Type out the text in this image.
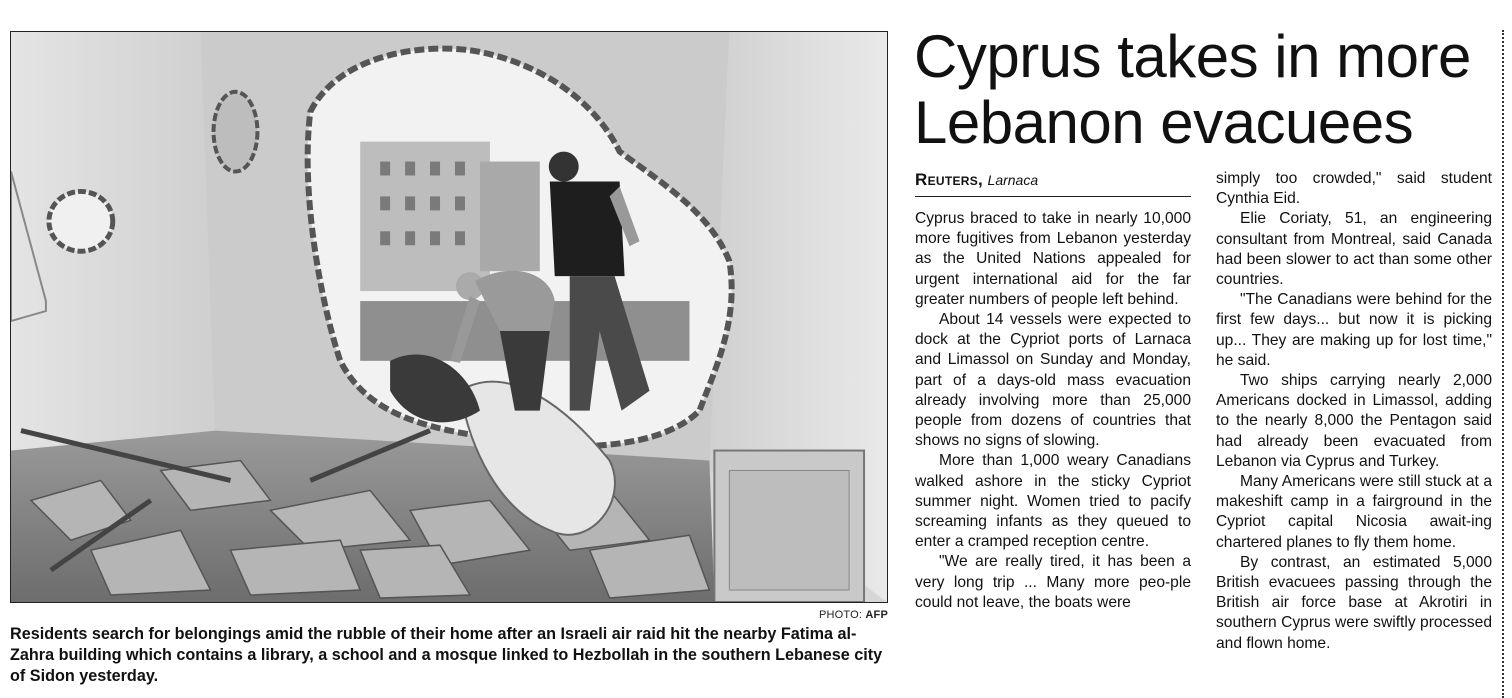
PHOTO: AFP
Residents search for belongings amid the rubble of their home after an Israeli air raid hit the nearby Fatima al-Zahra building which contains a library, a school and a mosque linked to Hezbollah in the southern Lebanese city of Sidon yesterday.
Cyprus takes in more Lebanon evacuees
Reuters, Larnaca

Cyprus braced to take in nearly 10,000 more fugitives from Lebanon yesterday as the United Nations appealed for urgent international aid for the far greater numbers of people left behind.

About 14 vessels were expected to dock at the Cypriot ports of Larnaca and Limassol on Sunday and Monday, part of a days-old mass evacuation already involving more than 25,000 people from dozens of countries that shows no signs of slowing.

More than 1,000 weary Canadians walked ashore in the sticky Cypriot summer night. Women tried to pacify screaming infants as they queued to enter a cramped reception centre.

"We are really tired, it has been a very long trip ... Many more peo-ple could not leave, the boats were

simply too crowded," said student Cynthia Eid.

Elie Coriaty, 51, an engineering consultant from Montreal, said Canada had been slower to act than some other countries.

"The Canadians were behind for the first few days... but now it is picking up... They are making up for lost time," he said.

Two ships carrying nearly 2,000 Americans docked in Limassol, adding to the nearly 8,000 the Pentagon said had already been evacuated from Lebanon via Cyprus and Turkey.

Many Americans were still stuck at a makeshift camp in a fairground in the Cypriot capital Nicosia await-ing chartered planes to fly them home.

By contrast, an estimated 5,000 British evacuees passing through the British air force base at Akrotiri in southern Cyprus were swiftly processed and flown home.
